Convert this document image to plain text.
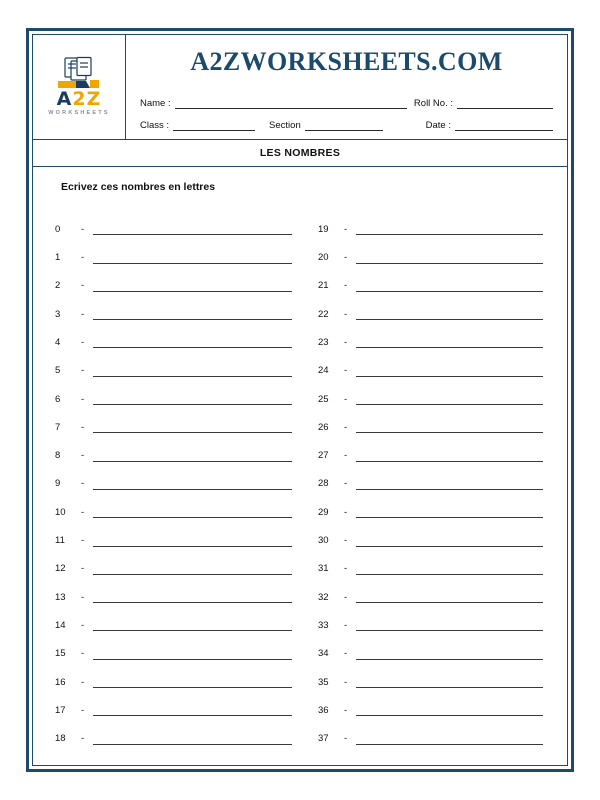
A2Z
WORKSHEETS
A2ZWORKSHEETS.COM
Name :	Roll No. :
Class :	Section	Date :
LES NOMBRES
Ecrivez ces nombres en lettres
0	-
1	-
2	-
3	-
4	-
5	-
6	-
7	-
8	-
9	-
10	-
11	-
12	-
13	-
14	-
15	-
16	-
17	-
18	-
19	-
20	-
21	-
22	-
23	-
24	-
25	-
26	-
27	-
28	-
29	-
30	-
31	-
32	-
33	-
34	-
35	-
36	-
37	-
